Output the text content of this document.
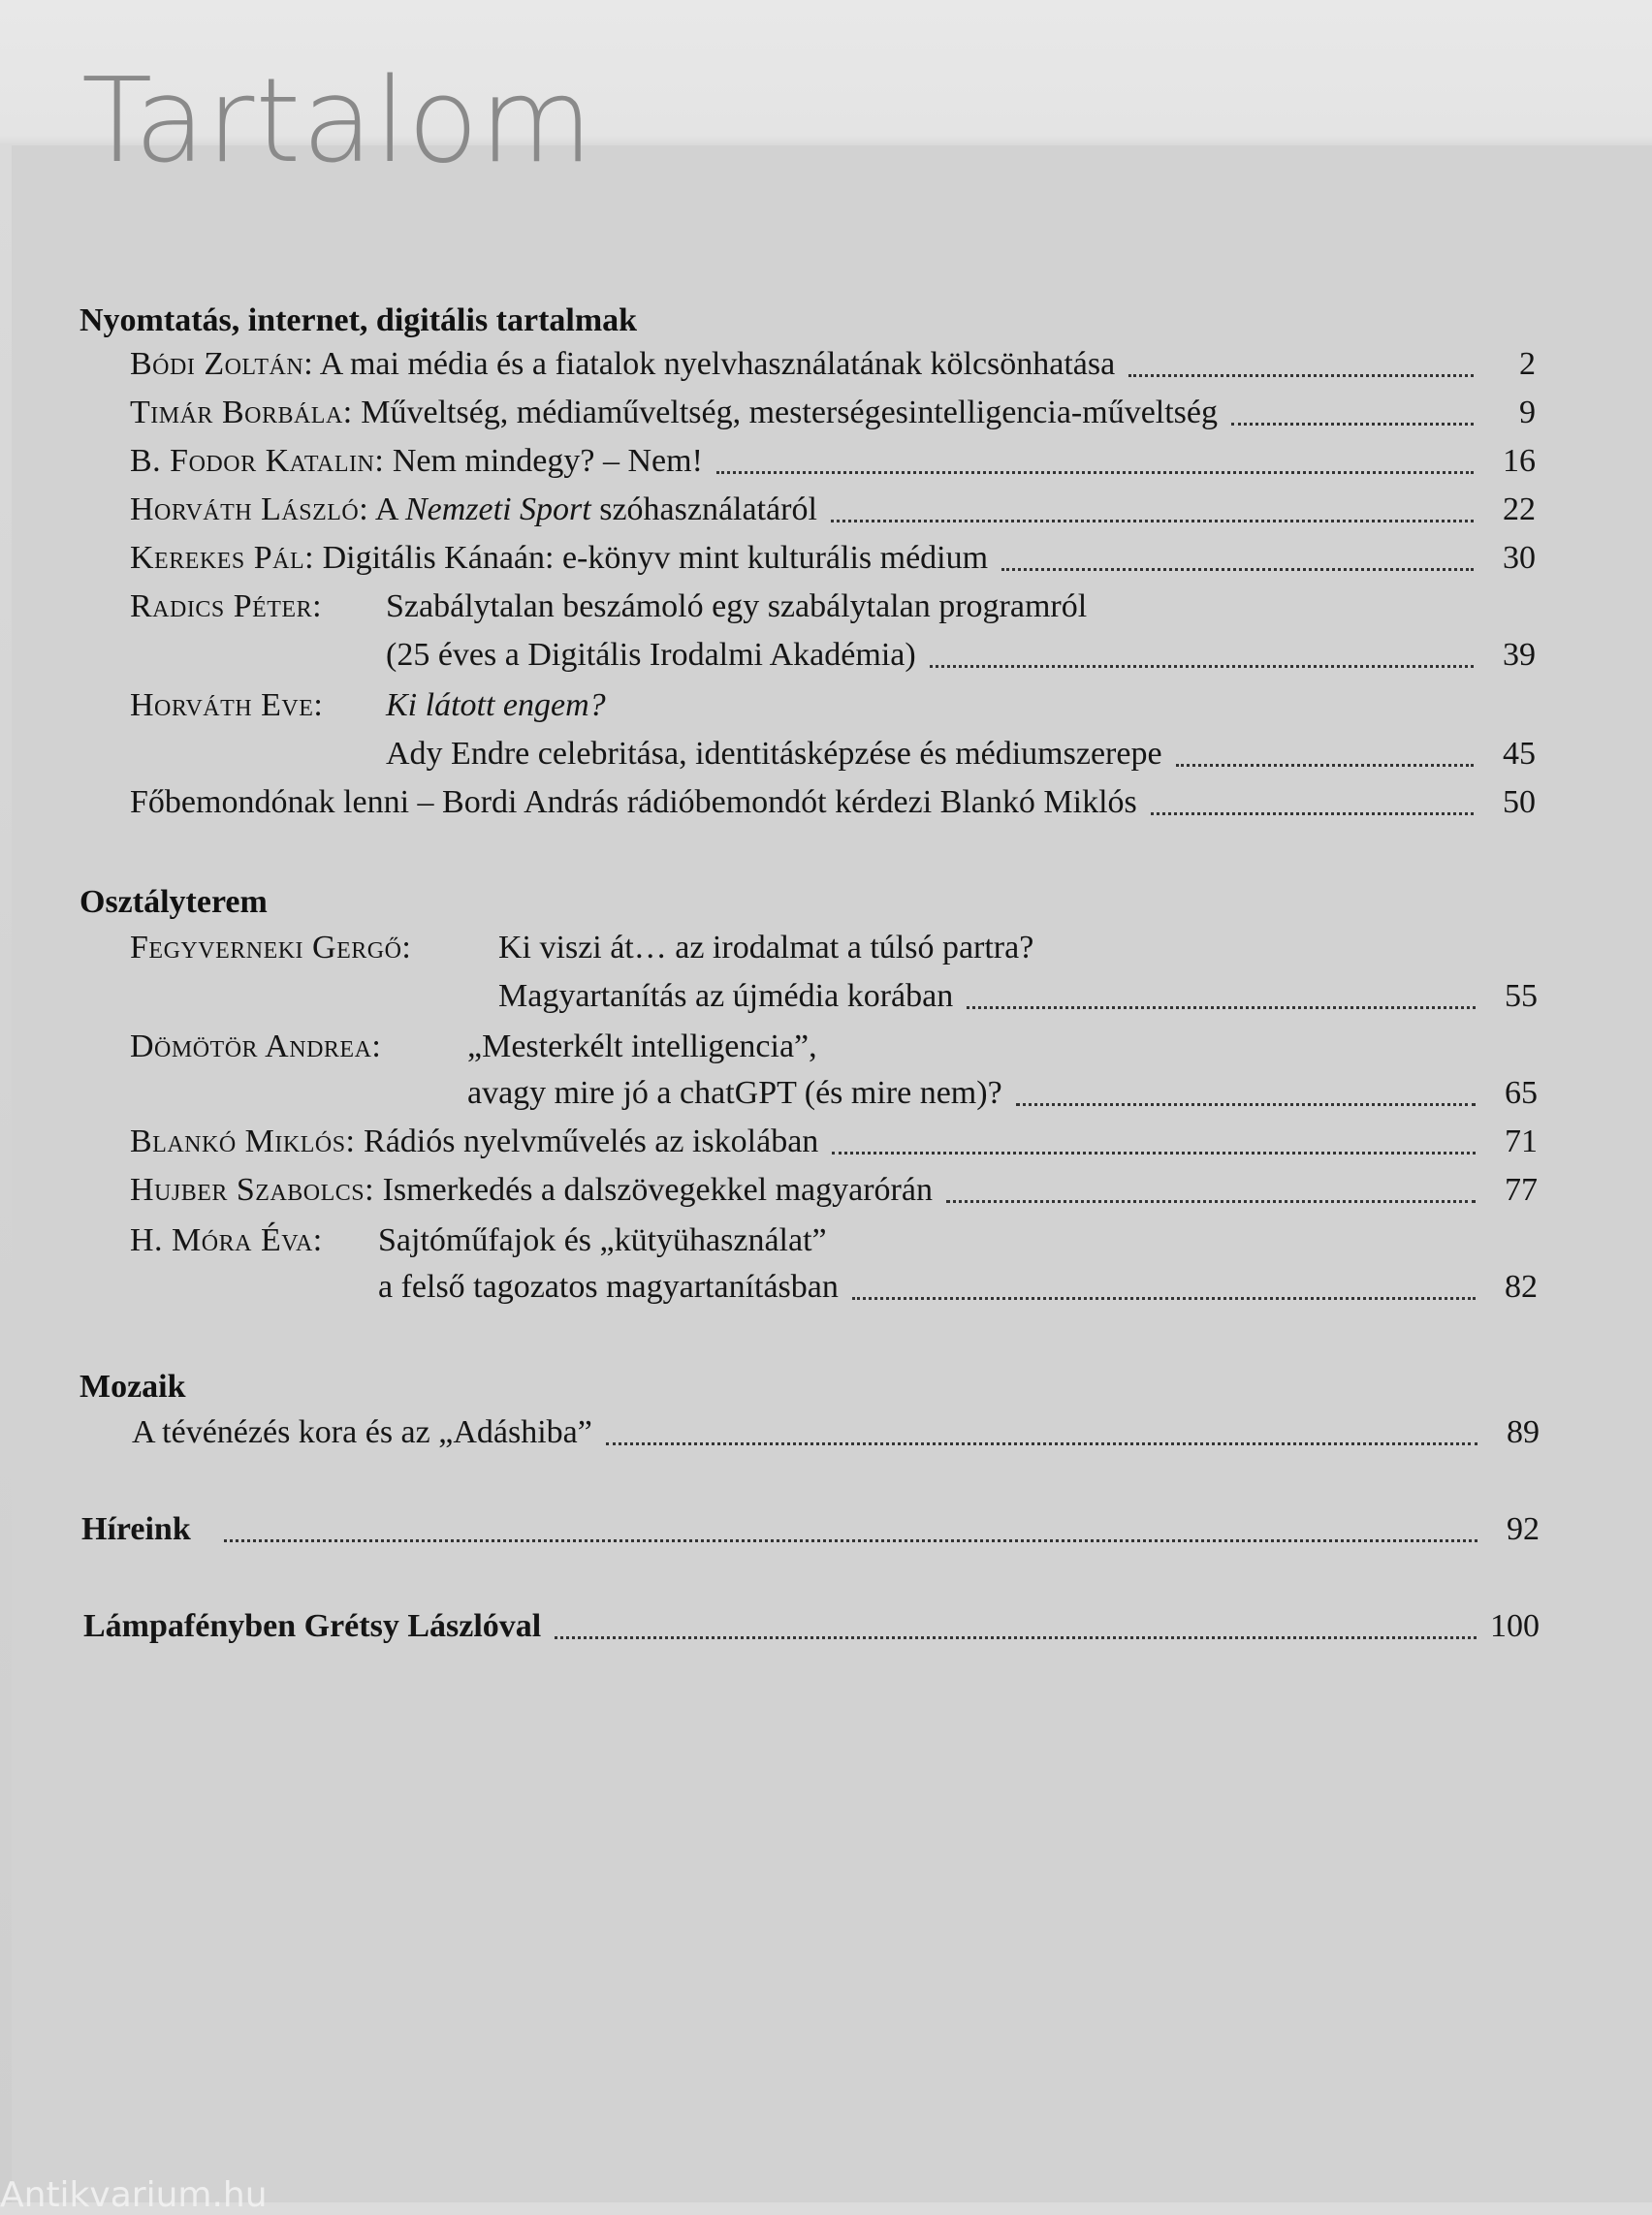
Tartalom
Nyomtatás, internet, digitális tartalmak
Bódi Zoltán: A mai média és a fiatalok nyelvhasználatának kölcsönhatása	2
Timár Borbála: Műveltség, médiaműveltség, mesterségesintelligencia-műveltség	9
B. Fodor Katalin: Nem mindegy? – Nem!	16
Horváth László: A Nemzeti Sport szóhasználatáról	22
Kerekes Pál: Digitális Kánaán: e-könyv mint kulturális médium	30
Radics Péter: Szabálytalan beszámoló egy szabálytalan programról
(25 éves a Digitális Irodalmi Akadémia)	39
Horváth Eve: Ki látott engem?
Ady Endre celebritása, identitásképzése és médiumszerepe	45
Főbemondónak lenni – Bordi András rádióbemondót kérdezi Blankó Miklós	50
Osztályterem
Fegyverneki Gergő:	Ki viszi át… az irodalmat a túlsó partra?
Magyartanítás az újmédia korában	55
Dömötör Andrea:	„Mesterkélt intelligencia”,
avagy mire jó a chatGPT (és mire nem)?	65
Blankó Miklós: Rádiós nyelvművelés az iskolában	71
Hujber Szabolcs: Ismerkedés a dalszövegekkel magyarórán	77
H. Móra Éva: Sajtóműfajok és „kütyühasználat”
a felső tagozatos magyartanításban	82
Mozaik
A tévénézés kora és az „Adáshiba”	89
Híreink	92
Lámpafényben Grétsy Lászlóval	100
Antikvarium.hu
